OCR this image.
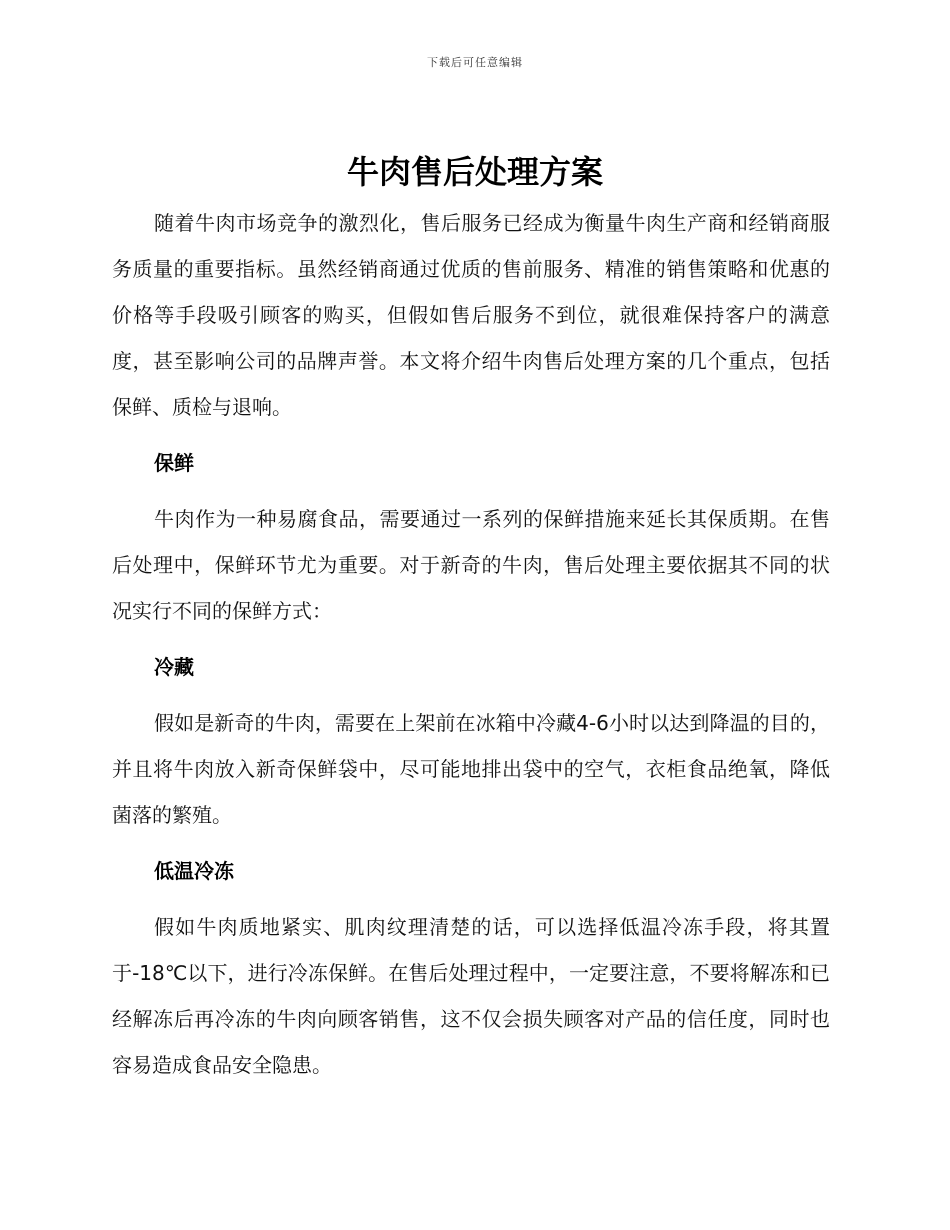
下载后可任意编辑
牛肉售后处理方案

随着牛肉市场竞争的激烈化，售后服务已经成为衡量牛肉生产商和经销商服务质量的重要指标。虽然经销商通过优质的售前服务、精准的销售策略和优惠的价格等手段吸引顾客的购买，但假如售后服务不到位，就很难保持客户的满意度，甚至影响公司的品牌声誉。本文将介绍牛肉售后处理方案的几个重点，包括保鲜、质检与退响。

保鲜

牛肉作为一种易腐食品，需要通过一系列的保鲜措施来延长其保质期。在售后处理中，保鲜环节尤为重要。对于新奇的牛肉，售后处理主要依据其不同的状况实行不同的保鲜方式：

冷藏

假如是新奇的牛肉，需要在上架前在冰箱中冷藏4-6小时以达到降温的目的，并且将牛肉放入新奇保鲜袋中，尽可能地排出袋中的空气，衣柜食品绝氧，降低菌落的繁殖。

低温冷冻

假如牛肉质地紧实、肌肉纹理清楚的话，可以选择低温冷冻手段，将其置于-18℃以下，进行冷冻保鲜。在售后处理过程中，一定要注意，不要将解冻和已经解冻后再冷冻的牛肉向顾客销售，这不仅会损失顾客对产品的信任度，同时也容易造成食品安全隐患。
